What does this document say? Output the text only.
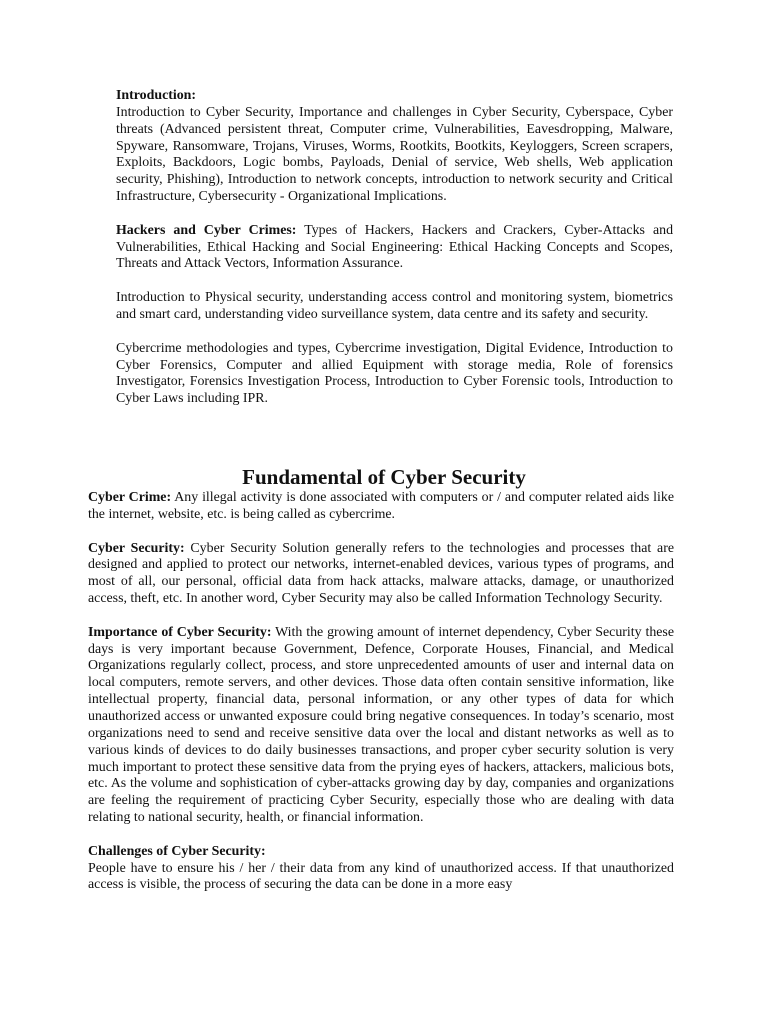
Introduction:
Introduction to Cyber Security, Importance and challenges in Cyber Security, Cyberspace, Cyber threats (Advanced persistent threat, Computer crime, Vulnerabilities, Eavesdropping, Malware, Spyware, Ransomware, Trojans, Viruses, Worms, Rootkits, Bootkits, Keyloggers, Screen scrapers, Exploits, Backdoors, Logic bombs, Payloads, Denial of service, Web shells, Web application security, Phishing), Introduction to network concepts, introduction to network security and Critical Infrastructure, Cybersecurity - Organizational Implications.

Hackers and Cyber Crimes: Types of Hackers, Hackers and Crackers, Cyber-Attacks and Vulnerabilities, Ethical Hacking and Social Engineering: Ethical Hacking Concepts and Scopes, Threats and Attack Vectors, Information Assurance.

Introduction to Physical security, understanding access control and monitoring system, biometrics and smart card, understanding video surveillance system, data centre and its safety and security.

Cybercrime methodologies and types, Cybercrime investigation, Digital Evidence, Introduction to Cyber Forensics, Computer and allied Equipment with storage media, Role of forensics Investigator, Forensics Investigation Process, Introduction to Cyber Forensic tools, Introduction to Cyber Laws including IPR.

Fundamental of Cyber Security

Cyber Crime: Any illegal activity is done associated with computers or / and computer related aids like the internet, website, etc. is being called as cybercrime.

Cyber Security: Cyber Security Solution generally refers to the technologies and processes that are designed and applied to protect our networks, internet-enabled devices, various types of programs, and most of all, our personal, official data from hack attacks, malware attacks, damage, or unauthorized access, theft, etc. In another word, Cyber Security may also be called Information Technology Security.

Importance of Cyber Security: With the growing amount of internet dependency, Cyber Security these days is very important because Government, Defence, Corporate Houses, Financial, and Medical Organizations regularly collect, process, and store unprecedented amounts of user and internal data on local computers, remote servers, and other devices. Those data often contain sensitive information, like intellectual property, financial data, personal information, or any other types of data for which unauthorized access or unwanted exposure could bring negative consequences. In today’s scenario, most organizations need to send and receive sensitive data over the local and distant networks as well as to various kinds of devices to do daily businesses transactions, and proper cyber security solution is very much important to protect these sensitive data from the prying eyes of hackers, attackers, malicious bots, etc. As the volume and sophistication of cyber-attacks growing day by day, companies and organizations are feeling the requirement of practicing Cyber Security, especially those who are dealing with data relating to national security, health, or financial information.

Challenges of Cyber Security:
People have to ensure his / her / their data from any kind of unauthorized access. If that unauthorized access is visible, the process of securing the data can be done in a more easy
